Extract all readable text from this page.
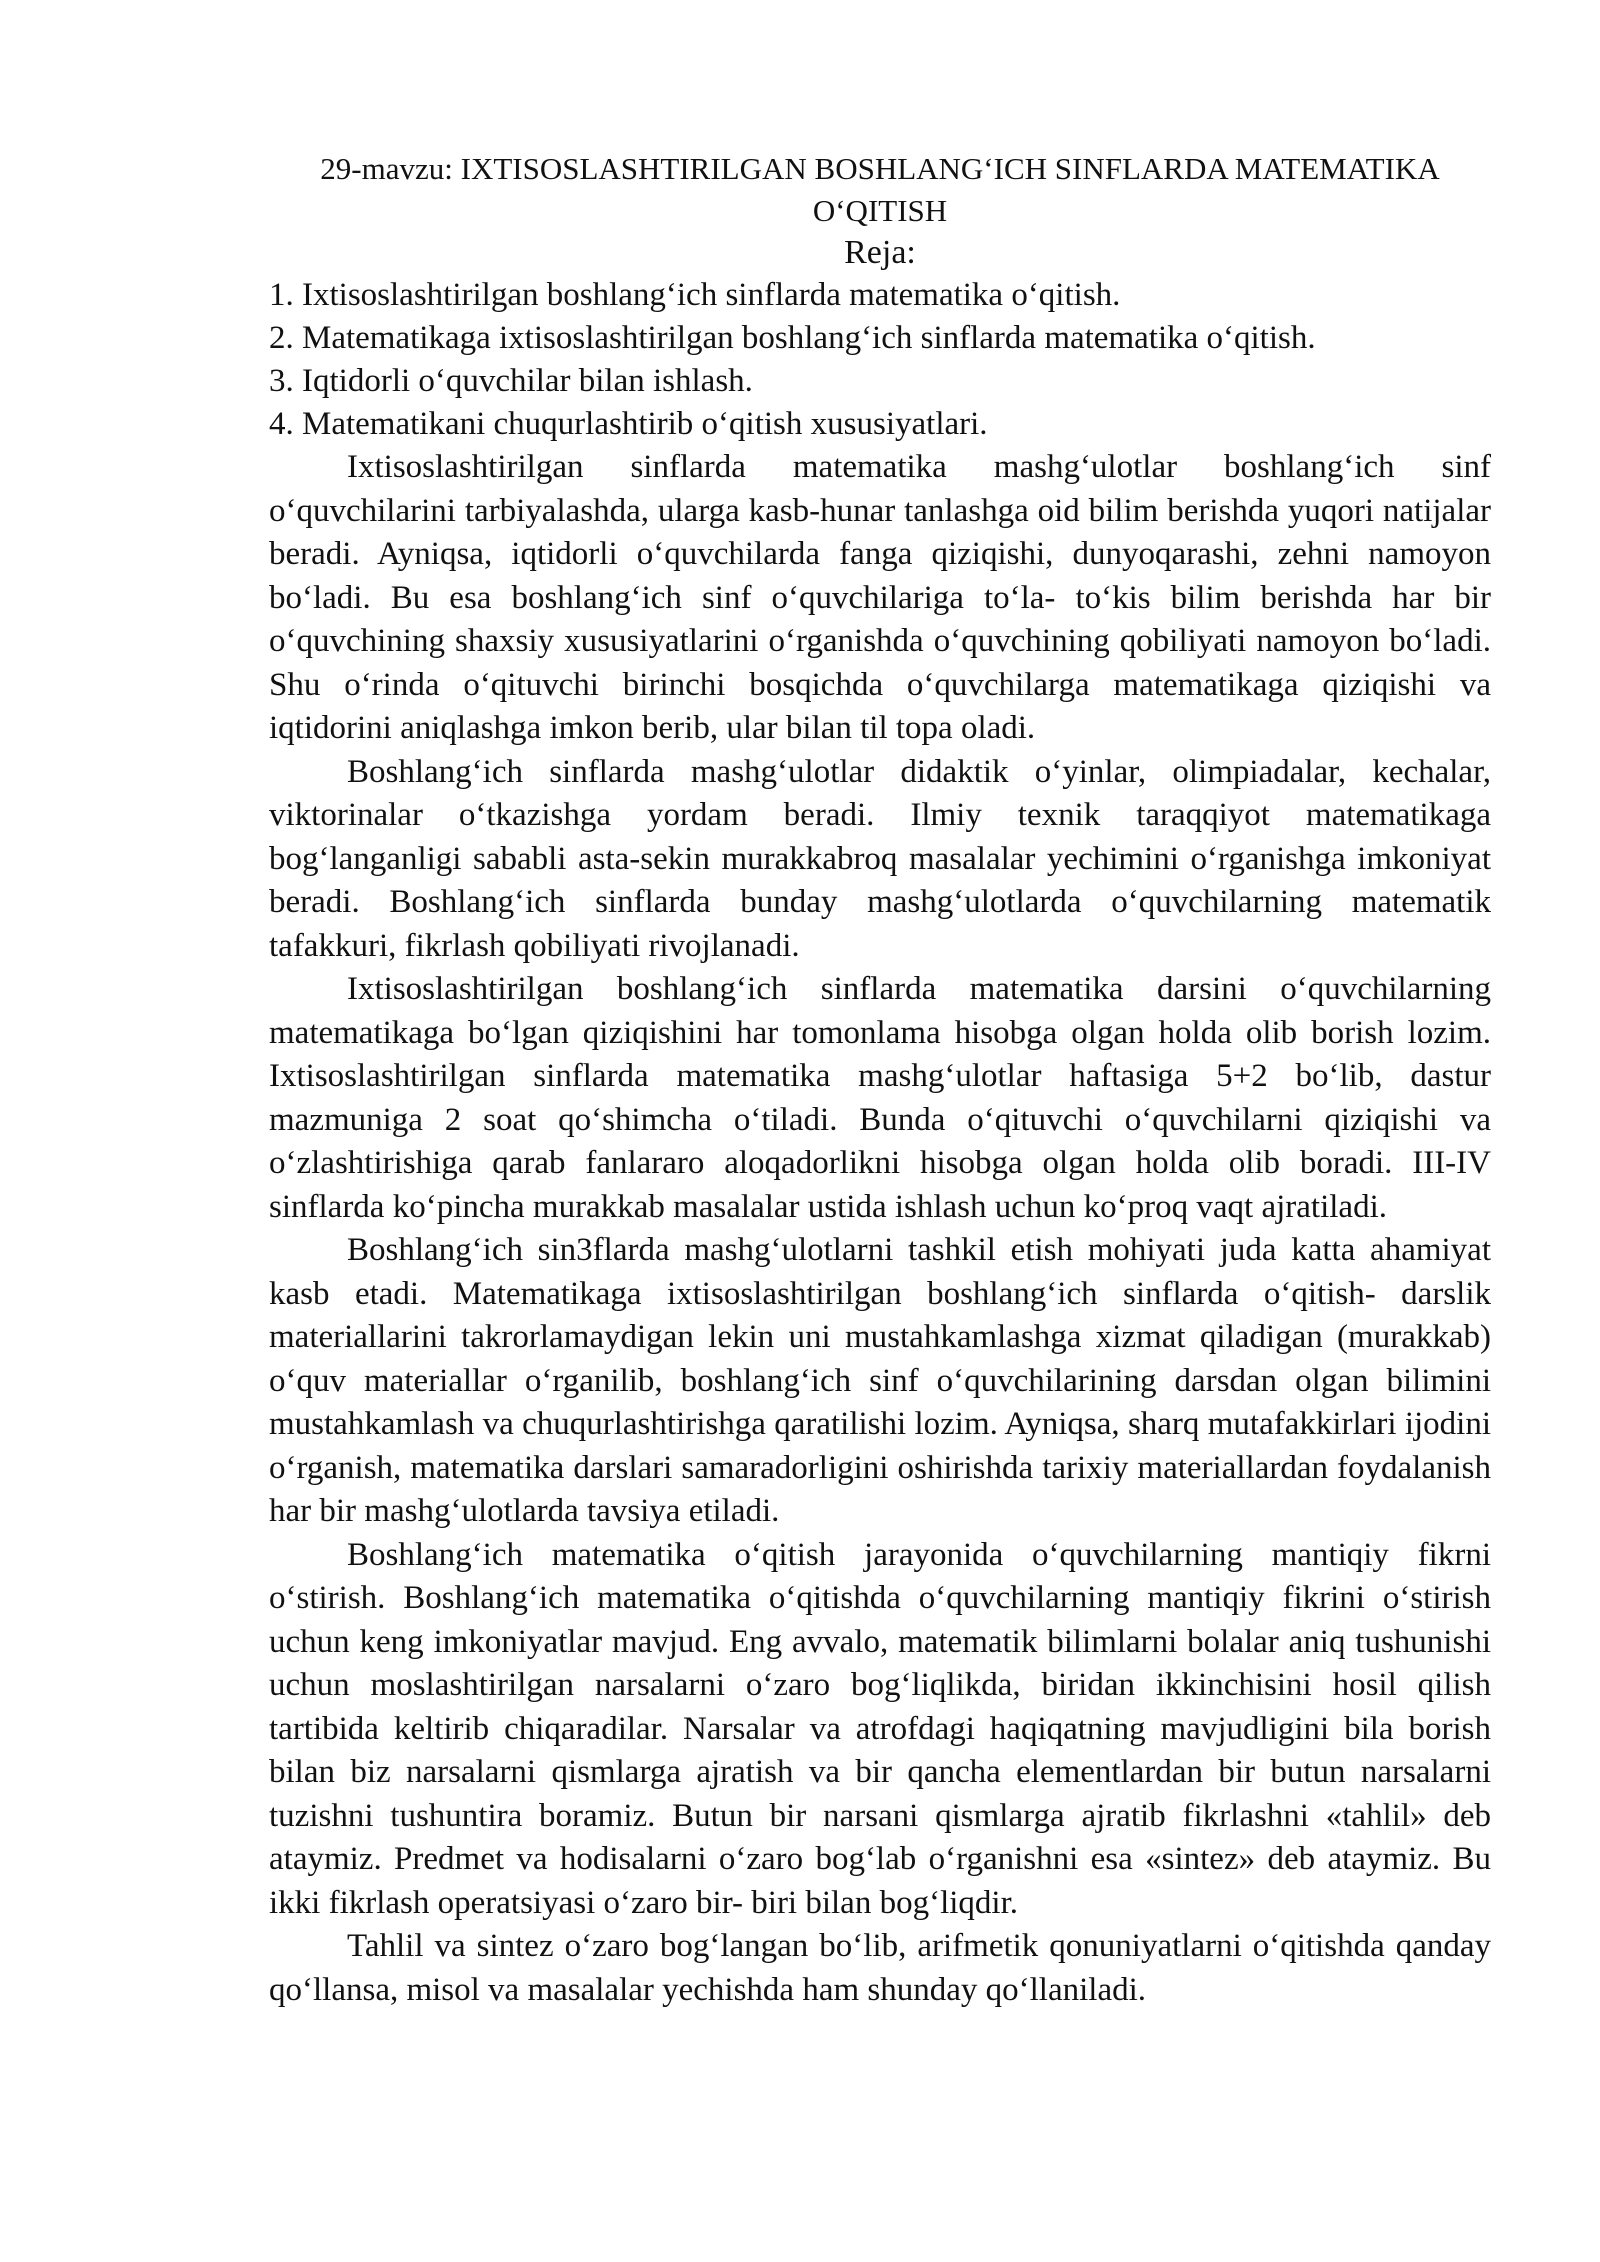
29-mavzu: IXTISOSLASHTIRILGAN BOSHLANG‘ICH SINFLARDA MATEMATIKA O‘QITISH
Reja:
1. Ixtisoslashtirilgan boshlang‘ich sinflarda matematika o‘qitish.
2. Matematikaga ixtisoslashtirilgan boshlang‘ich sinflarda matematika o‘qitish.
3. Iqtidorli o‘quvchilar bilan ishlash.
4. Matematikani chuqurlashtirib o‘qitish xususiyatlari.

Ixtisoslashtirilgan sinflarda matematika mashg‘ulotlar boshlang‘ich sinf o‘quvchilarini tarbiyalashda, ularga kasb-hunar tanlashga oid bilim berishda yuqori natijalar beradi. Ayniqsa, iqtidorli o‘quvchilarda fanga qiziqishi, dunyoqarashi, zehni namoyon bo‘ladi. Bu esa boshlang‘ich sinf o‘quvchilariga to‘la- to‘kis bilim berishda har bir o‘quvchining shaxsiy xususiyatlarini o‘rganishda o‘quvchining qobiliyati namoyon bo‘ladi. Shu o‘rinda o‘qituvchi birinchi bosqichda o‘quvchilarga matematikaga qiziqishi va iqtidorini aniqlashga imkon berib, ular bilan til topa oladi.

Boshlang‘ich sinflarda mashg‘ulotlar didaktik o‘yinlar, olimpiadalar, kechalar, viktorinalar o‘tkazishga yordam beradi. Ilmiy texnik taraqqiyot matematikaga bog‘langanligi sababli asta-sekin murakkabroq masalalar yechimini o‘rganishga imkoniyat beradi. Boshlang‘ich sinflarda bunday mashg‘ulotlarda o‘quvchilarning matematik tafakkuri, fikrlash qobiliyati rivojlanadi.

Ixtisoslashtirilgan boshlang‘ich sinflarda matematika darsini o‘quvchilarning matematikaga bo‘lgan qiziqishini har tomonlama hisobga olgan holda olib borish lozim. Ixtisoslashtirilgan sinflarda matematika mashg‘ulotlar haftasiga 5+2 bo‘lib, dastur mazmuniga 2 soat qo‘shimcha o‘tiladi. Bunda o‘qituvchi o‘quvchilarni qiziqishi va o‘zlashtirishiga qarab fanlararo aloqadorlikni hisobga olgan holda olib boradi. III-IV sinflarda ko‘pincha murakkab masalalar ustida ishlash uchun ko‘proq vaqt ajratiladi.

Boshlang‘ich sin3flarda mashg‘ulotlarni tashkil etish mohiyati juda katta ahamiyat kasb etadi. Matematikaga ixtisoslashtirilgan boshlang‘ich sinflarda o‘qitish- darslik materiallarini takrorlamaydigan lekin uni mustahkamlashga xizmat qiladigan (murakkab) o‘quv materiallar o‘rganilib, boshlang‘ich sinf o‘quvchilarining darsdan olgan bilimini mustahkamlash va chuqurlashtirishga qaratilishi lozim. Ayniqsa, sharq mutafakkirlari ijodini o‘rganish, matematika darslari samaradorligini oshirishda tarixiy materiallardan foydalanish har bir mashg‘ulotlarda tavsiya etiladi.

Boshlang‘ich matematika o‘qitish jarayonida o‘quvchilarning mantiqiy fikrni o‘stirish. Boshlang‘ich matematika o‘qitishda o‘quvchilarning mantiqiy fikrini o‘stirish uchun keng imkoniyatlar mavjud. Eng avvalo, matematik bilimlarni bolalar aniq tushunishi uchun moslashtirilgan narsalarni o‘zaro bog‘liqlikda, biridan ikkinchisini hosil qilish tartibida keltirib chiqaradilar. Narsalar va atrofdagi haqiqatning mavjudligini bila borish bilan biz narsalarni qismlarga ajratish va bir qancha elementlardan bir butun narsalarni tuzishni tushuntira boramiz. Butun bir narsani qismlarga ajratib fikrlashni «tahlil» deb ataymiz. Predmet va hodisalarni o‘zaro bog‘lab o‘rganishni esa «sintez» deb ataymiz. Bu ikki fikrlash operatsiyasi o‘zaro bir- biri bilan bog‘liqdir.

Tahlil va sintez o‘zaro bog‘langan bo‘lib, arifmetik qonuniyatlarni o‘qitishda qanday qo‘llansa, misol va masalalar yechishda ham shunday qo‘llaniladi.
